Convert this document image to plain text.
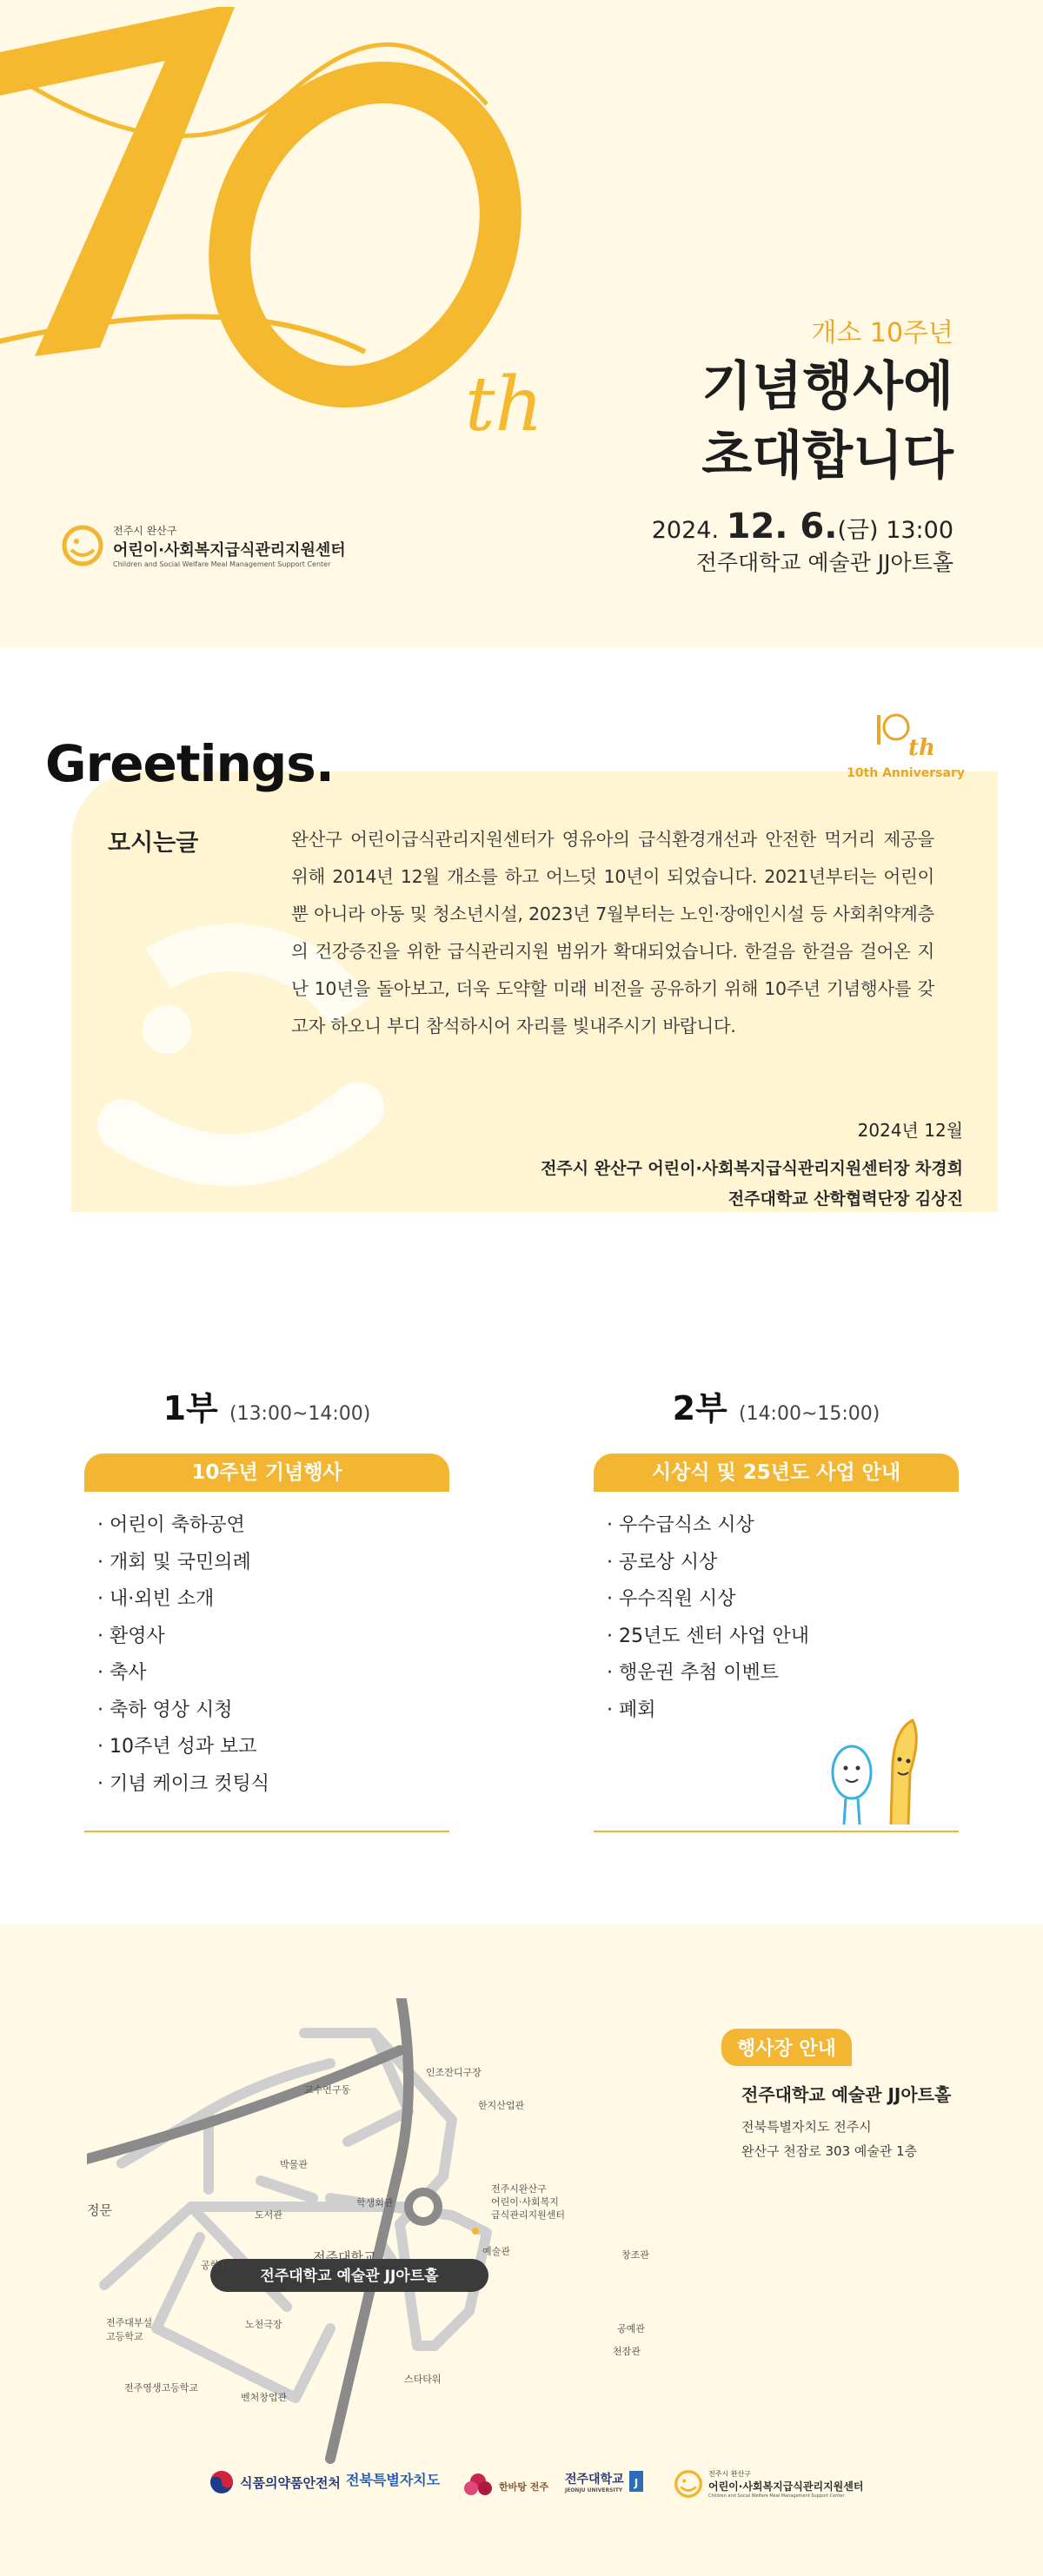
th
개소 10주년
기념행사에
초대합니다
2024. 12. 6.(금) 13:00
전주대학교 예술관 JJ아트홀
전주시 완산구
어린이·사회복지급식관리지원센터
Children and Social Welfare Meal Management Support Center
Greetings.	th
10th Anniversary
모시는글	완산구 어린이급식관리지원센터가 영유아의 급식환경개선과 안전한 먹거리 제공을 위해 2014년 12월 개소를 하고 어느덧 10년이 되었습니다. 2021년부터는 어린이뿐 아니라 아동 및 청소년시설, 2023년 7월부터는 노인·장애인시설 등 사회취약계층의 건강증진을 위한 급식관리지원 범위가 확대되었습니다. 한걸음 한걸음 걸어온 지난 10년을 돌아보고, 더욱 도약할 미래 비전을 공유하기 위해 10주년 기념행사를 갖고자 하오니 부디 참석하시어 자리를 빛내주시기 바랍니다.
2024년 12월
전주시 완산구 어린이·사회복지급식관리지원센터장 차경희
전주대학교 산학협력단장 김상진
1부 (13:00~14:00)
10주년 기념행사
· 어린이 축하공연
· 개회 및 국민의례
· 내·외빈 소개
· 환영사
· 축사
· 축하 영상 시청
· 10주년 성과 보고
· 기념 케이크 컷팅식
2부 (14:00~15:00)
시상식 및 25년도 사업 안내
· 우수급식소 시상
· 공로상 시상
· 우수직원 시상
· 25년도 센터 사업 안내
· 행운권 추첨 이벤트
· 폐회
전주대학교 예술관 JJ아트홀
정문
전주대학교
교수연구동
박물관
도서관
공학1관
노천극장
전주대부설
고등학교
전주영생고등학교
벤처창업관
학생회관
예술관
전주시완산구
어린이·사회복지
급식관리지원센터
인조잔디구장
한지산업관
창조관
공예관
천잠관
스타타워
행사장 안내
전주대학교 예술관 JJ아트홀
전북특별자치도 전주시
완산구 천잠로 303 예술관 1층
식품의약품안전처 전북특별자치도	한바탕 전주
전주대학교
JEONJU UNIVERSITY
J
전주시 완산구
어린이·사회복지급식관리지원센터
Children and Social Welfare Meal Management Support Center
